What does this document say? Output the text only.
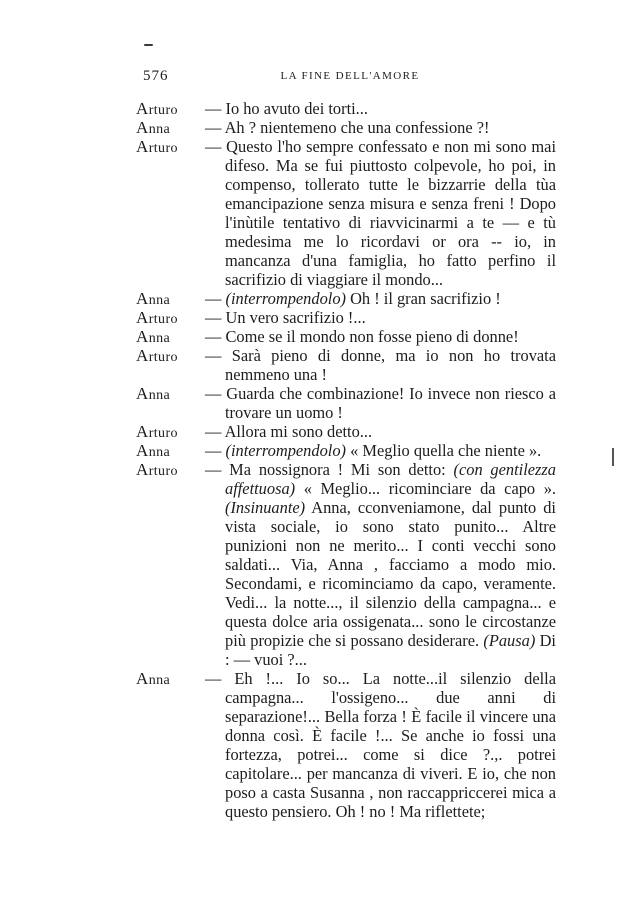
576	LA FINE DELL'AMORE
Arturo	— Io ho avuto dei torti...
Anna	— Ah ? nientemeno che una confessione ?!
Arturo	— Questo l'ho sempre confessato e non mi sono mai difeso. Ma se fui piuttosto colpevole, ho poi, in compenso, tollerato tutte le bizzarrie della tùa emancipazione senza misura e senza freni ! Dopo l'inùtile tentativo di riavvicinarmi a te — e tù medesima me lo ricordavi or ora -- io, in mancanza d'una famiglia, ho fatto perfino il sacrifizio di viaggiare il mondo...
Anna	— (interrompendolo) Oh ! il gran sacrifizio !
Arturo	— Un vero sacrifizio !...
Anna	— Come se il mondo non fosse pieno di donne!
Arturo	— Sarà pieno di donne, ma io non ho trovata nemmeno una !
Anna	— Guarda che combinazione! Io invece non riesco a trovare un uomo !
Arturo	— Allora mi sono detto...
Anna	— (interrompendolo) « Meglio quella che niente ».
Arturo	— Ma nossignora ! Mi son detto: (con gentilezza affettuosa) « Meglio... ricominciare da capo ». (Insinuante) Anna, cconveniamone, dal punto di vista sociale, io sono stato punito... Altre punizioni non ne merito... I conti vecchi sono saldati... Via, Anna , facciamo a modo mio. Secondami, e ricominciamo da capo, veramente. Vedi... la notte..., il silenzio della campagna... e questa dolce aria ossigenata... sono le circostanze più propizie che si possano desiderare. (Pausa) Di : — vuoi ?...
Anna	— Eh !... Io so... La notte...il silenzio della campagna... l'ossigeno... due anni di separazione!... Bella forza ! È facile il vincere una donna così. È facile !... Se anche io fossi una fortezza, potrei... come si dice ?.,. potrei capitolare... per mancanza di viveri. E io, che non poso a casta Susanna , non raccappriccerei mica a questo pensiero. Oh ! no ! Ma riflettete;
